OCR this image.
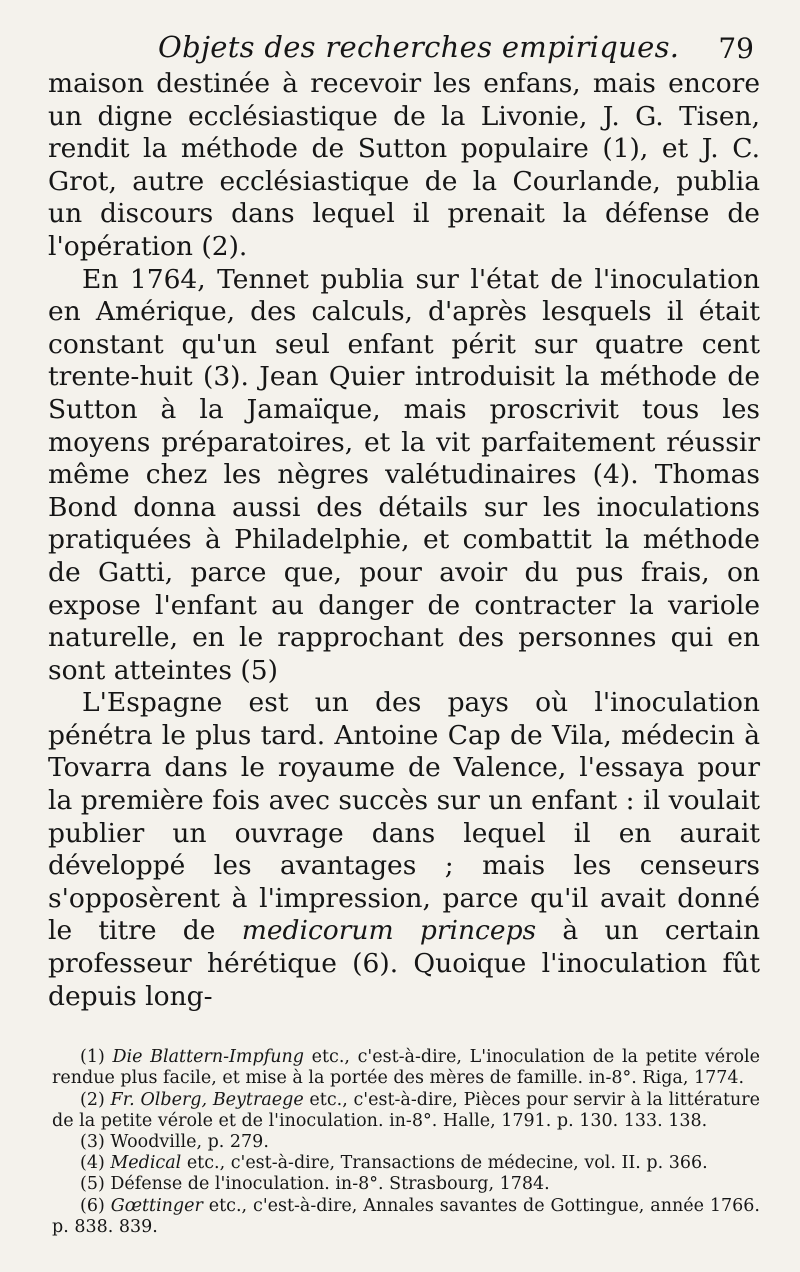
Objets des recherches empiriques. 79

maison destinée à recevoir les enfans, mais encore un digne ecclésiastique de la Livonie, J. G. Tisen, rendit la méthode de Sutton populaire (1), et J. C. Grot, autre ecclésiastique de la Courlande, publia un discours dans lequel il prenait la défense de l'opération (2).

En 1764, Tennet publia sur l'état de l'inoculation en Amérique, des calculs, d'après lesquels il était constant qu'un seul enfant périt sur quatre cent trente-huit (3). Jean Quier introduisit la méthode de Sutton à la Jamaïque, mais proscrivit tous les moyens préparatoires, et la vit parfaitement réussir même chez les nègres valétudinaires (4). Thomas Bond donna aussi des détails sur les inoculations pratiquées à Philadelphie, et combattit la méthode de Gatti, parce que, pour avoir du pus frais, on expose l'enfant au danger de contracter la variole naturelle, en le rapprochant des personnes qui en sont atteintes (5)

L'Espagne est un des pays où l'inoculation pénétra le plus tard. Antoine Cap de Vila, médecin à Tovarra dans le royaume de Valence, l'essaya pour la première fois avec succès sur un enfant : il voulait publier un ouvrage dans lequel il en aurait développé les avantages ; mais les censeurs s'opposèrent à l'impression, parce qu'il avait donné le titre de medicorum princeps à un certain professeur hérétique (6). Quoique l'inoculation fût depuis long-

(1) Die Blattern-Impfung etc., c'est-à-dire, L'inoculation de la petite vérole rendue plus facile, et mise à la portée des mères de famille. in-8°. Riga, 1774.

(2) Fr. Olberg, Beytraege etc., c'est-à-dire, Pièces pour servir à la littérature de la petite vérole et de l'inoculation. in-8°. Halle, 1791. p. 130. 133. 138.

(3) Woodville, p. 279.

(4) Medical etc., c'est-à-dire, Transactions de médecine, vol. II. p. 366.

(5) Défense de l'inoculation. in-8°. Strasbourg, 1784.

(6) Gœttinger etc., c'est-à-dire, Annales savantes de Gottingue, année 1766. p. 838. 839.
